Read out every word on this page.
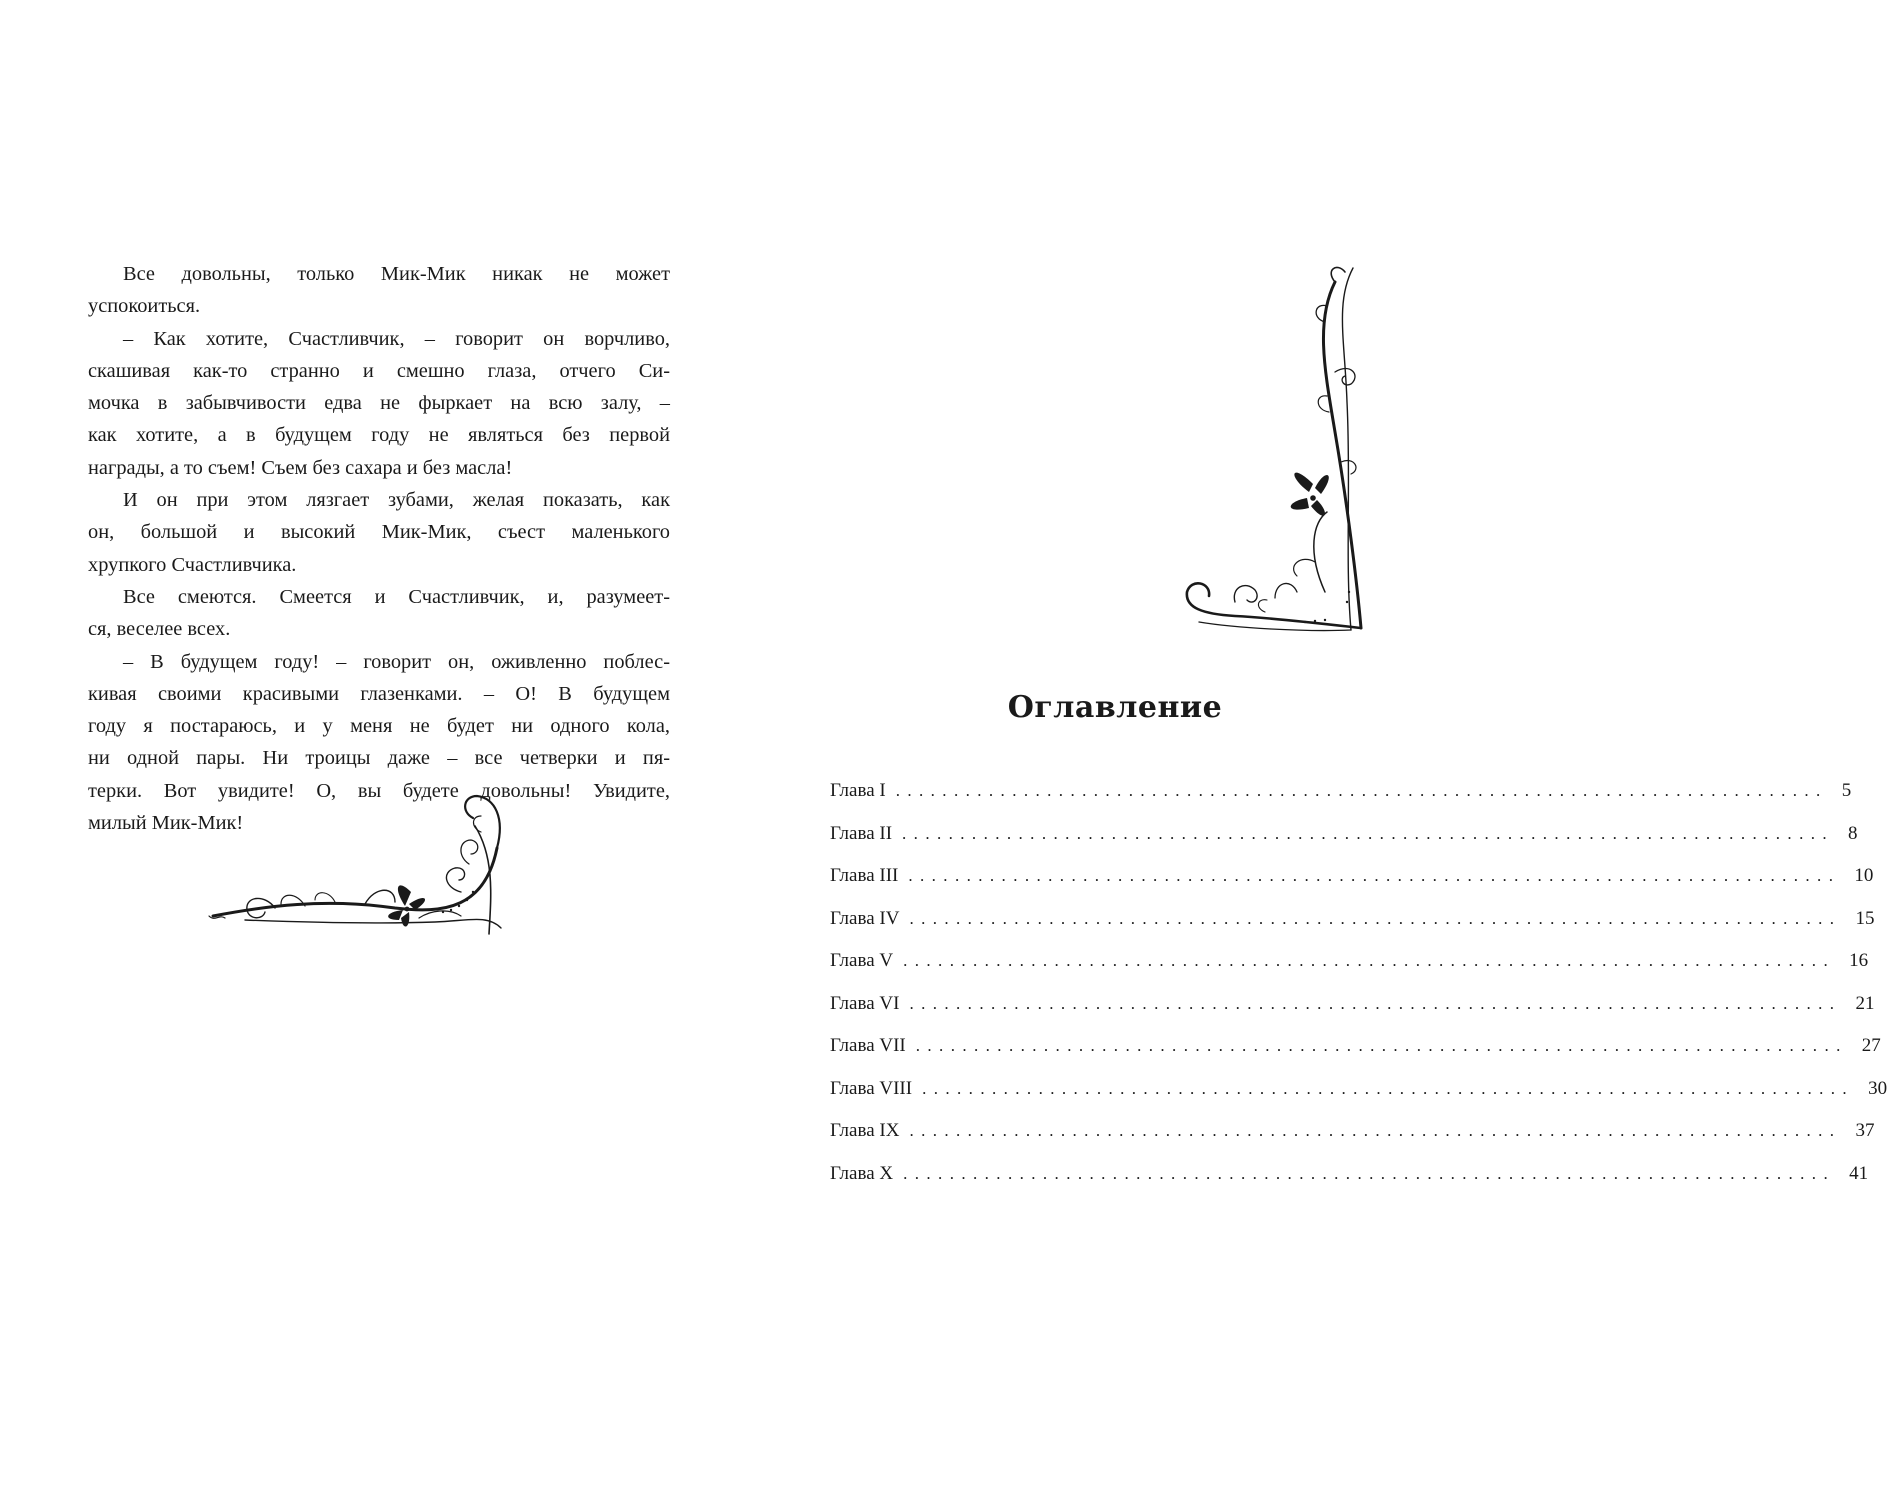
Все довольны, только Мик-Мик никак не может
успокоиться.
– Как хотите, Счастливчик, – говорит он ворчливо,
скашивая как-то странно и смешно глаза, отчего Си-
мочка в забывчивости едва не фыркает на всю залу, –
как хотите, а в будущем году не являться без первой
награды, а то съем! Съем без сахара и без масла!
И он при этом лязгает зубами, желая показать, как
он, большой и высокий Мик-Мик, съест маленького
хрупкого Счастливчика.
Все смеются. Смеется и Счастливчик, и, разумеет-
ся, веселее всех.
– В будущем году! – говорит он, оживленно поблес-
кивая своими красивыми глазенками. – О! В будущем
году я постараюсь, и у меня не будет ни одного кола,
ни одной пары. Ни троицы даже – все четверки и пя-
терки. Вот увидите! О, вы будете довольны! Увидите,
милый Мик-Мик!
Оглавление
Глава I ................................................................................ 5
Глава II ................................................................................ 8
Глава III ................................................................................ 10
Глава IV ................................................................................ 15
Глава V ................................................................................ 16
Глава VI ................................................................................ 21
Глава VII ................................................................................ 27
Глава VIII ................................................................................ 30
Глава IX ................................................................................ 37
Глава X ................................................................................ 41
